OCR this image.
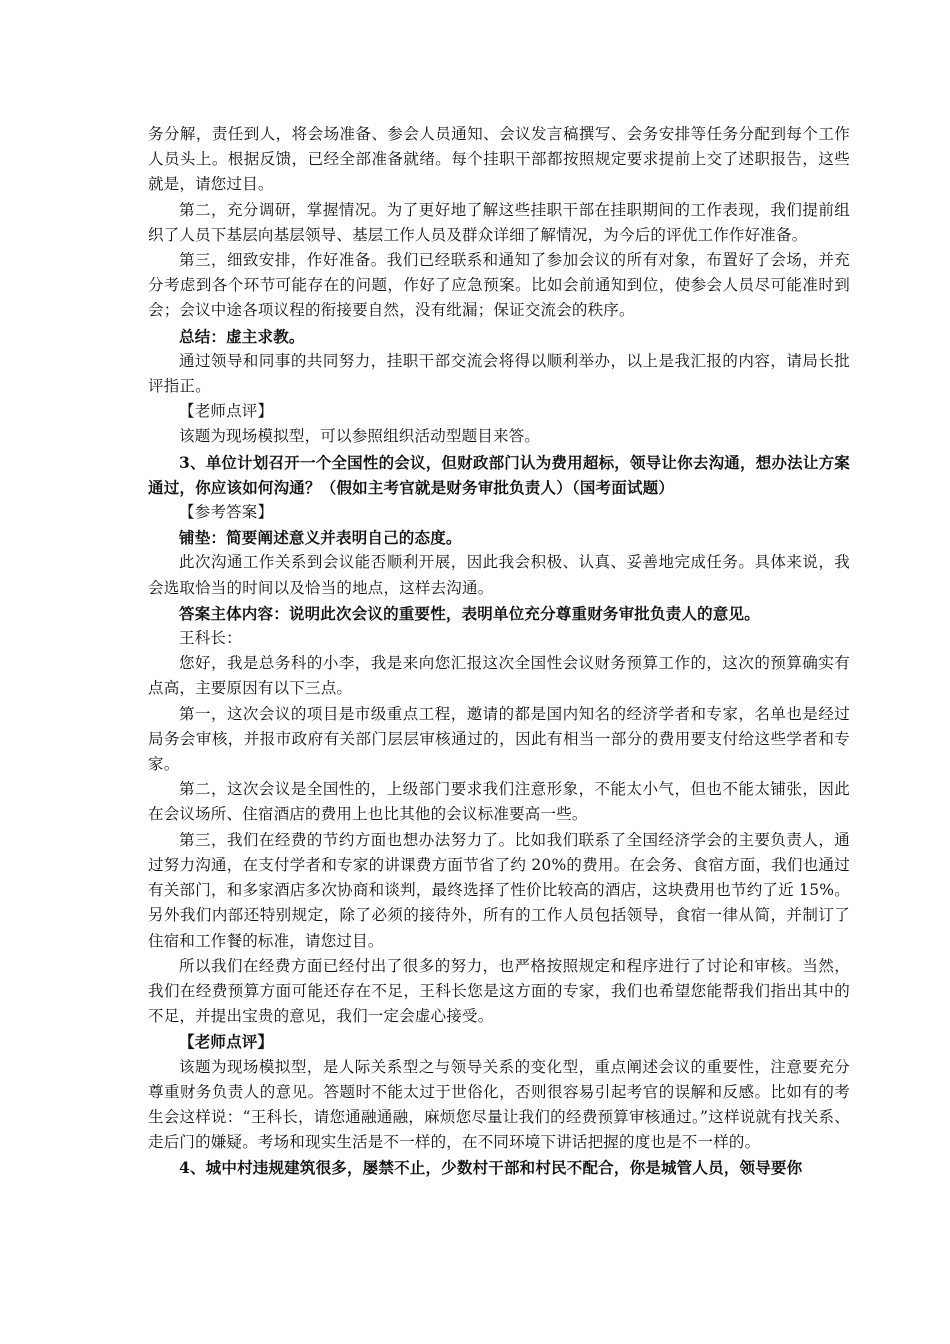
务分解，责任到人，将会场准备、参会人员通知、会议发言稿撰写、会务安排等任务分配到每个工作人员头上。根据反馈，已经全部准备就绪。每个挂职干部都按照规定要求提前上交了述职报告，这些就是，请您过目。

第二，充分调研，掌握情况。为了更好地了解这些挂职干部在挂职期间的工作表现，我们提前组织了人员下基层向基层领导、基层工作人员及群众详细了解情况，为今后的评优工作作好准备。

第三，细致安排，作好准备。我们已经联系和通知了参加会议的所有对象，布置好了会场，并充分考虑到各个环节可能存在的问题，作好了应急预案。比如会前通知到位，使参会人员尽可能准时到会；会议中途各项议程的衔接要自然，没有纰漏；保证交流会的秩序。

总结：虚主求教。

通过领导和同事的共同努力，挂职干部交流会将得以顺利举办，以上是我汇报的内容，请局长批评指正。

【老师点评】

该题为现场模拟型，可以参照组织活动型题目来答。

3、单位计划召开一个全国性的会议，但财政部门认为费用超标，领导让你去沟通，想办法让方案通过，你应该如何沟通？（假如主考官就是财务审批负责人）（国考面试题）

【参考答案】

铺垫：简要阐述意义并表明自己的态度。

此次沟通工作关系到会议能否顺利开展，因此我会积极、认真、妥善地完成任务。具体来说，我会选取恰当的时间以及恰当的地点，这样去沟通。

答案主体内容：说明此次会议的重要性，表明单位充分尊重财务审批负责人的意见。

王科长：

您好，我是总务科的小李，我是来向您汇报这次全国性会议财务预算工作的，这次的预算确实有点高，主要原因有以下三点。

第一，这次会议的项目是市级重点工程，邀请的都是国内知名的经济学者和专家，名单也是经过局务会审核，并报市政府有关部门层层审核通过的，因此有相当一部分的费用要支付给这些学者和专家。

第二，这次会议是全国性的，上级部门要求我们注意形象，不能太小气，但也不能太铺张，因此在会议场所、住宿酒店的费用上也比其他的会议标准要高一些。

第三，我们在经费的节约方面也想办法努力了。比如我们联系了全国经济学会的主要负责人，通过努力沟通，在支付学者和专家的讲课费方面节省了约 20%的费用。在会务、食宿方面，我们也通过有关部门，和多家酒店多次协商和谈判，最终选择了性价比较高的酒店，这块费用也节约了近 15%。另外我们内部还特别规定，除了必须的接待外，所有的工作人员包括领导，食宿一律从简，并制订了住宿和工作餐的标准，请您过目。

所以我们在经费方面已经付出了很多的努力，也严格按照规定和程序进行了讨论和审核。当然，我们在经费预算方面可能还存在不足，王科长您是这方面的专家，我们也希望您能帮我们指出其中的不足，并提出宝贵的意见，我们一定会虚心接受。

【老师点评】

该题为现场模拟型，是人际关系型之与领导关系的变化型，重点阐述会议的重要性，注意要充分尊重财务负责人的意见。答题时不能太过于世俗化，否则很容易引起考官的误解和反感。比如有的考生会这样说：“王科长，请您通融通融，麻烦您尽量让我们的经费预算审核通过。”这样说就有找关系、走后门的嫌疑。考场和现实生活是不一样的，在不同环境下讲话把握的度也是不一样的。

4、城中村违规建筑很多，屡禁不止，少数村干部和村民不配合，你是城管人员，领导要你
